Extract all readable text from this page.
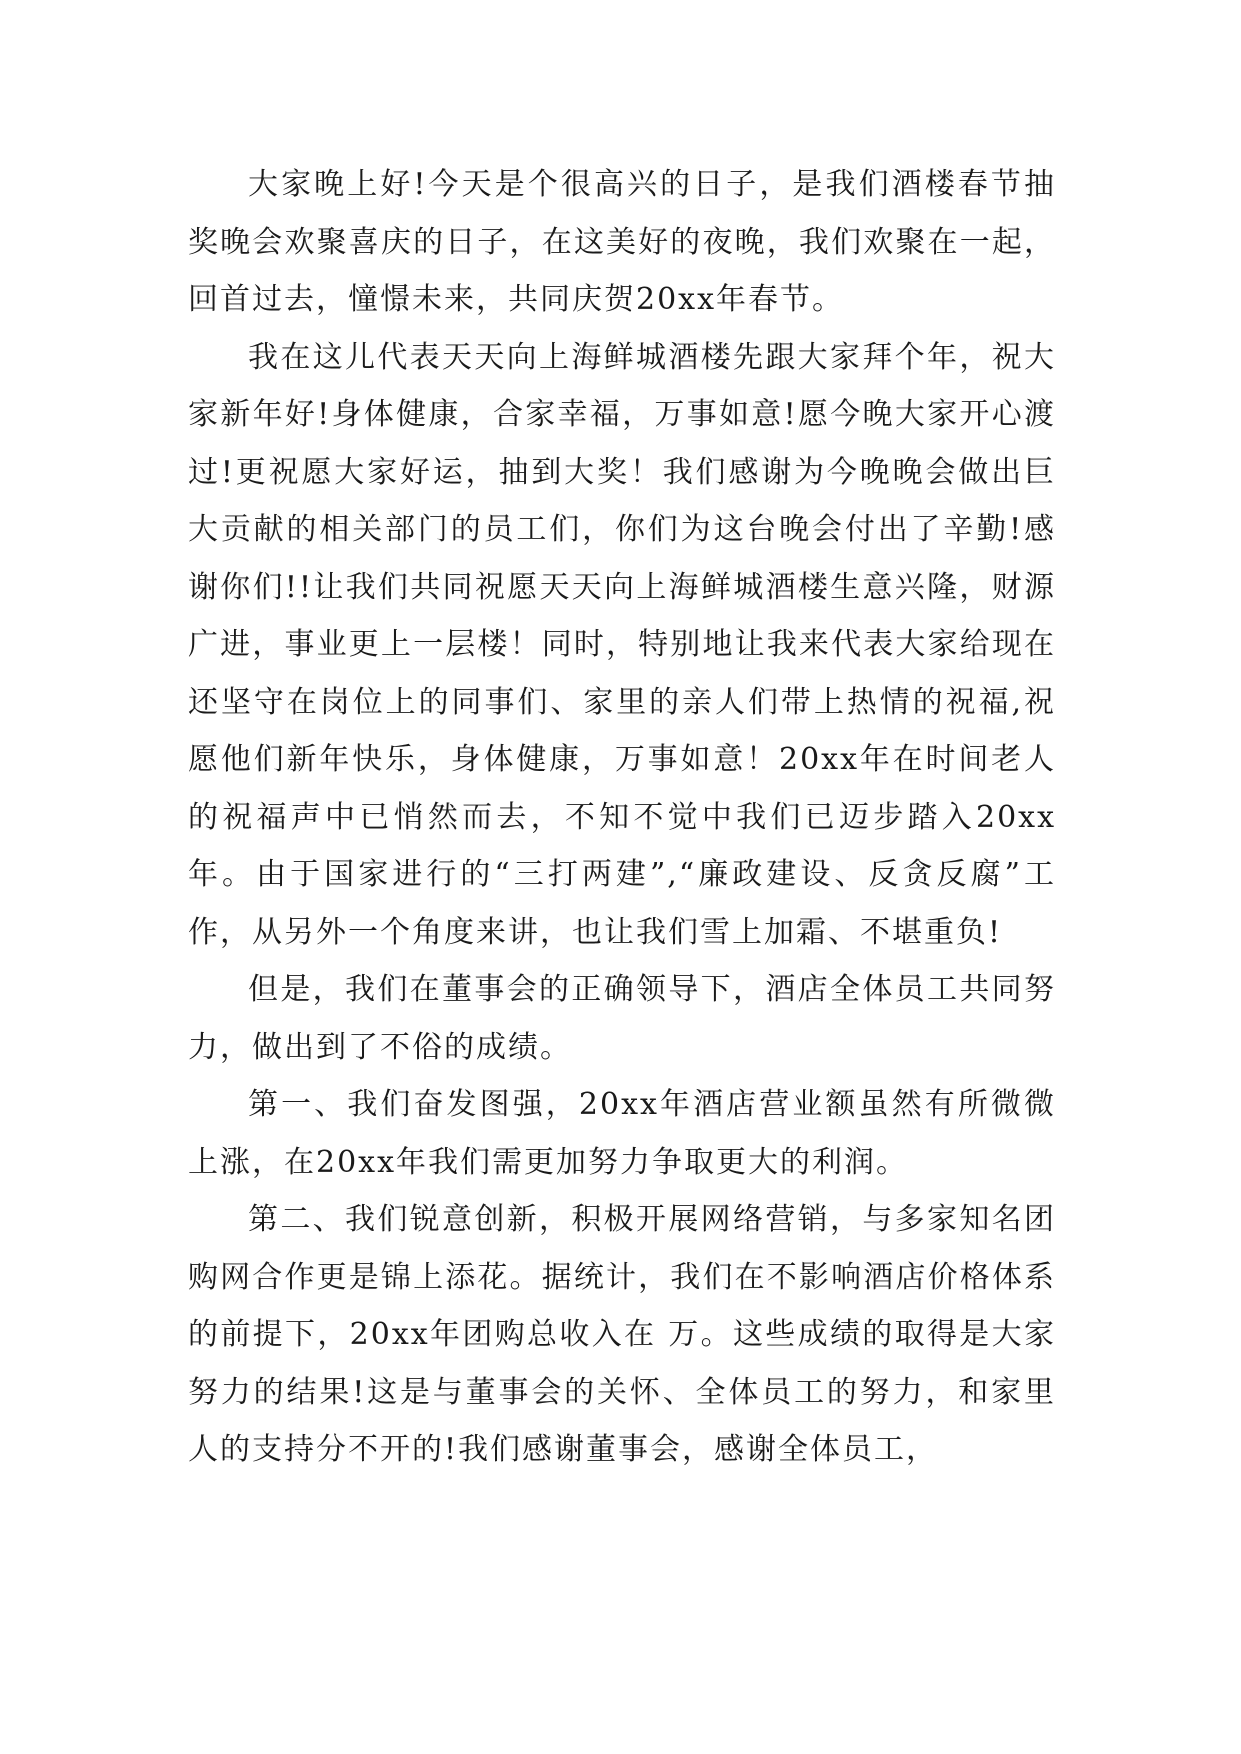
大家晚上好!今天是个很高兴的日子，是我们酒楼春节抽奖晚会欢聚喜庆的日子，在这美好的夜晚，我们欢聚在一起，回首过去，憧憬未来，共同庆贺20xx年春节。

我在这儿代表天天向上海鲜城酒楼先跟大家拜个年，祝大家新年好!身体健康，合家幸福，万事如意!愿今晚大家开心渡过!更祝愿大家好运，抽到大奖！我们感谢为今晚晚会做出巨大贡献的相关部门的员工们，你们为这台晚会付出了辛勤!感谢你们!!让我们共同祝愿天天向上海鲜城酒楼生意兴隆，财源广进，事业更上一层楼！同时，特别地让我来代表大家给现在还坚守在岗位上的同事们、家里的亲人们带上热情的祝福,祝愿他们新年快乐，身体健康，万事如意！20xx年在时间老人的祝福声中已悄然而去，不知不觉中我们已迈步踏入20xx年。由于国家进行的“三打两建”,“廉政建设、反贪反腐”工作，从另外一个角度来讲，也让我们雪上加霜、不堪重负!

但是，我们在董事会的正确领导下，酒店全体员工共同努力，做出到了不俗的成绩。

第一、我们奋发图强，20xx年酒店营业额虽然有所微微上涨，在20xx年我们需更加努力争取更大的利润。

第二、我们锐意创新，积极开展网络营销，与多家知名团购网合作更是锦上添花。据统计，我们在不影响酒店价格体系的前提下，20xx年团购总收入在 万。这些成绩的取得是大家努力的结果!这是与董事会的关怀、全体员工的努力，和家里人的支持分不开的!我们感谢董事会，感谢全体员工，
